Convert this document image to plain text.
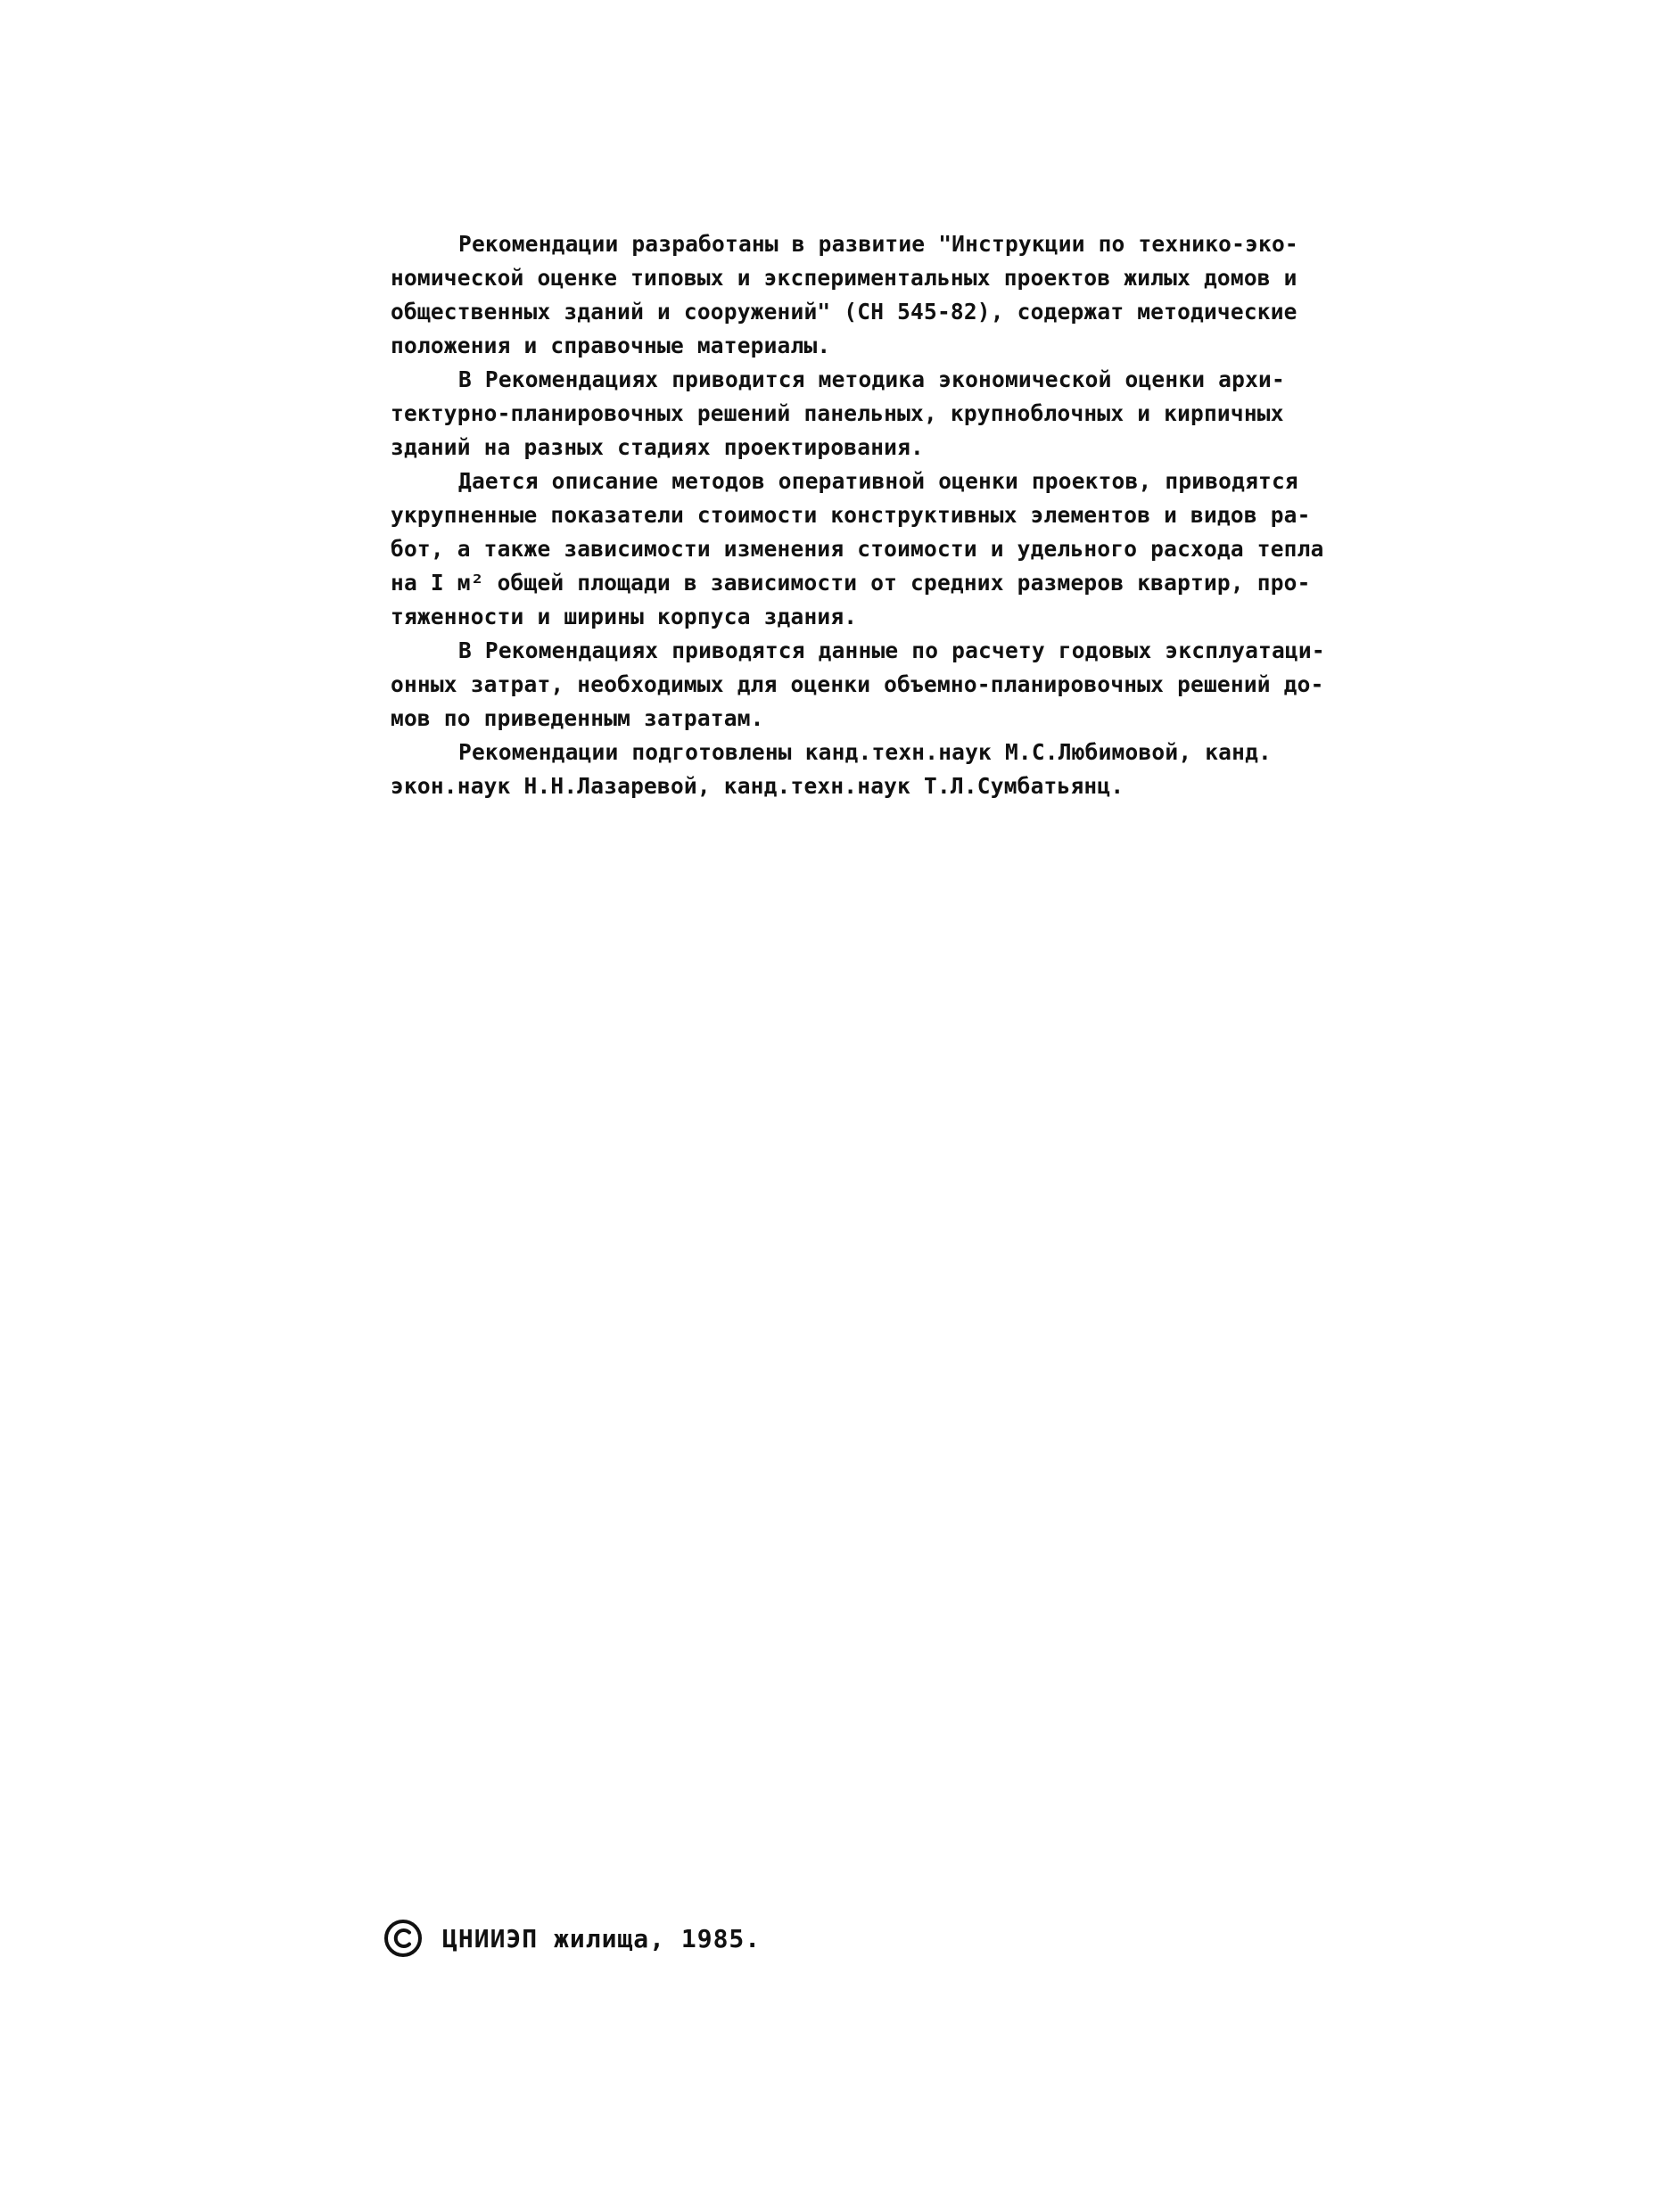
Рекомендации разработаны в развитие "Инструкции по технико-эко-
номической оценке типовых и экспериментальных проектов жилых домов и
общественных зданий и сооружений" (СН 545-82), содержат методические
положения и справочные материалы.
В Рекомендациях приводится методика экономической оценки архи-
тектурно-планировочных решений панельных, крупноблочных и кирпичных
зданий на разных стадиях проектирования.
Дается описание методов оперативной оценки проектов, приводятся
укрупненные показатели стоимости конструктивных элементов и видов ра-
бот, а также зависимости изменения стоимости и удельного расхода тепла
на I м² общей площади в зависимости от средних размеров квартир, про-
тяженности и ширины корпуса здания.
В Рекомендациях приводятся данные по расчету годовых эксплуатаци-
онных затрат, необходимых для оценки объемно-планировочных решений до-
мов по приведенным затратам.
Рекомендации подготовлены канд.техн.наук М.С.Любимовой, канд.
экон.наук Н.Н.Лазаревой, канд.техн.наук Т.Л.Сумбатьянц.
ЦНИИЭП жилища, 1985.
